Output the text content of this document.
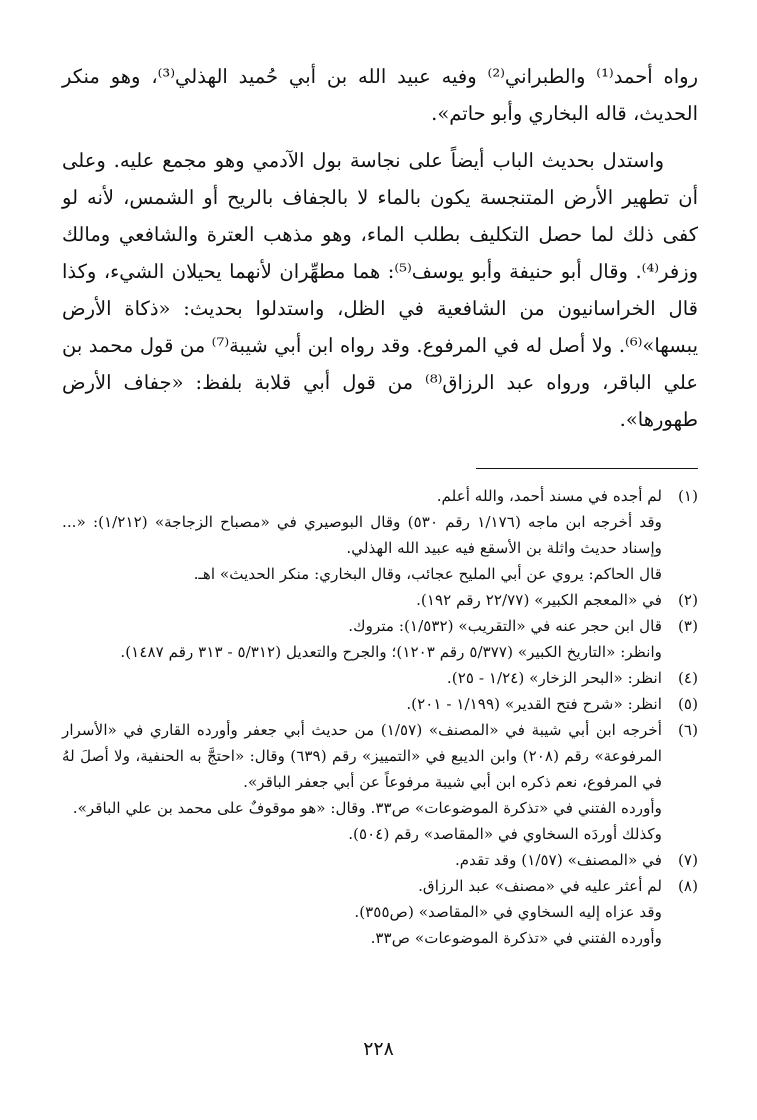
رواه أحمد⁽¹⁾ والطبراني⁽²⁾ وفيه عبيد الله بن أبي حُميد الهذلي⁽³⁾، وهو منكر الحديث، قاله البخاري وأبو حاتم».

واستدل بحديث الباب أيضاً على نجاسة بول الآدمي وهو مجمع عليه. وعلى أن تطهير الأرض المتنجسة يكون بالماء لا بالجفاف بالريح أو الشمس، لأنه لو كفى ذلك لما حصل التكليف بطلب الماء، وهو مذهب العترة والشافعي ومالك وزفر⁽⁴⁾. وقال أبو حنيفة وأبو يوسف⁽⁵⁾: هما مطهِّران لأنهما يحيلان الشيء، وكذا قال الخراسانيون من الشافعية في الظل، واستدلوا بحديث: «ذكاة الأرض يبسها»⁽⁶⁾. ولا أصل له في المرفوع. وقد رواه ابن أبي شيبة⁽⁷⁾ من قول محمد بن علي الباقر، ورواه عبد الرزاق⁽⁸⁾ من قول أبي قلابة بلفظ: «جفاف الأرض طهورها».

(١)
لم أجده في مسند أحمد، والله أعلم.
وقد أخرجه ابن ماجه (١/١٧٦ رقم ٥٣٠) وقال البوصيري في «مصباح الزجاجة» (١/٢١٢): «... وإسناد حديث واثلة بن الأسقع فيه عبيد الله الهذلي.
قال الحاكم: يروي عن أبي المليح عجائب، وقال البخاري: منكر الحديث» اهـ.
(٢)
في «المعجم الكبير» (٢٢/٧٧ رقم ١٩٢).
(٣)
قال ابن حجر عنه في «التقريب» (١/٥٣٢): متروك.
وانظر: «التاريخ الكبير» (٥/٣٧٧ رقم ١٢٠٣)؛ والجرح والتعديل (٥/٣١٢ - ٣١٣ رقم ١٤٨٧).
(٤)
انظر: «البحر الزخار» (١/٢٤ - ٢٥).
(٥)
انظر: «شرح فتح القدير» (١/١٩٩ - ٢٠١).
(٦)
أخرجه ابن أبي شيبة في «المصنف» (١/٥٧) من حديث أبي جعفر وأورده القاري في «الأسرار المرفوعة» رقم (٢٠٨) وابن الديبع في «التمييز» رقم (٦٣٩) وقال: «احتجَّ به الحنفية، ولا أصلَ لهُ في المرفوع، نعم ذكره ابن أبي شيبة مرفوعاً عن أبي جعفر الباقر».
وأورده الفتني في «تذكرة الموضوعات» ص٣٣. وقال: «هو موقوفٌ على محمد بن علي الباقر».
وكذلك أوردَه السخاوي في «المقاصد» رقم (٥٠٤).
(٧)
في «المصنف» (١/٥٧) وقد تقدم.
(٨)
لم أعثر عليه في «مصنف» عبد الرزاق.
وقد عزاه إليه السخاوي في «المقاصد» (ص٣٥٥).
وأورده الفتني في «تذكرة الموضوعات» ص٣٣.
٢٢٨
